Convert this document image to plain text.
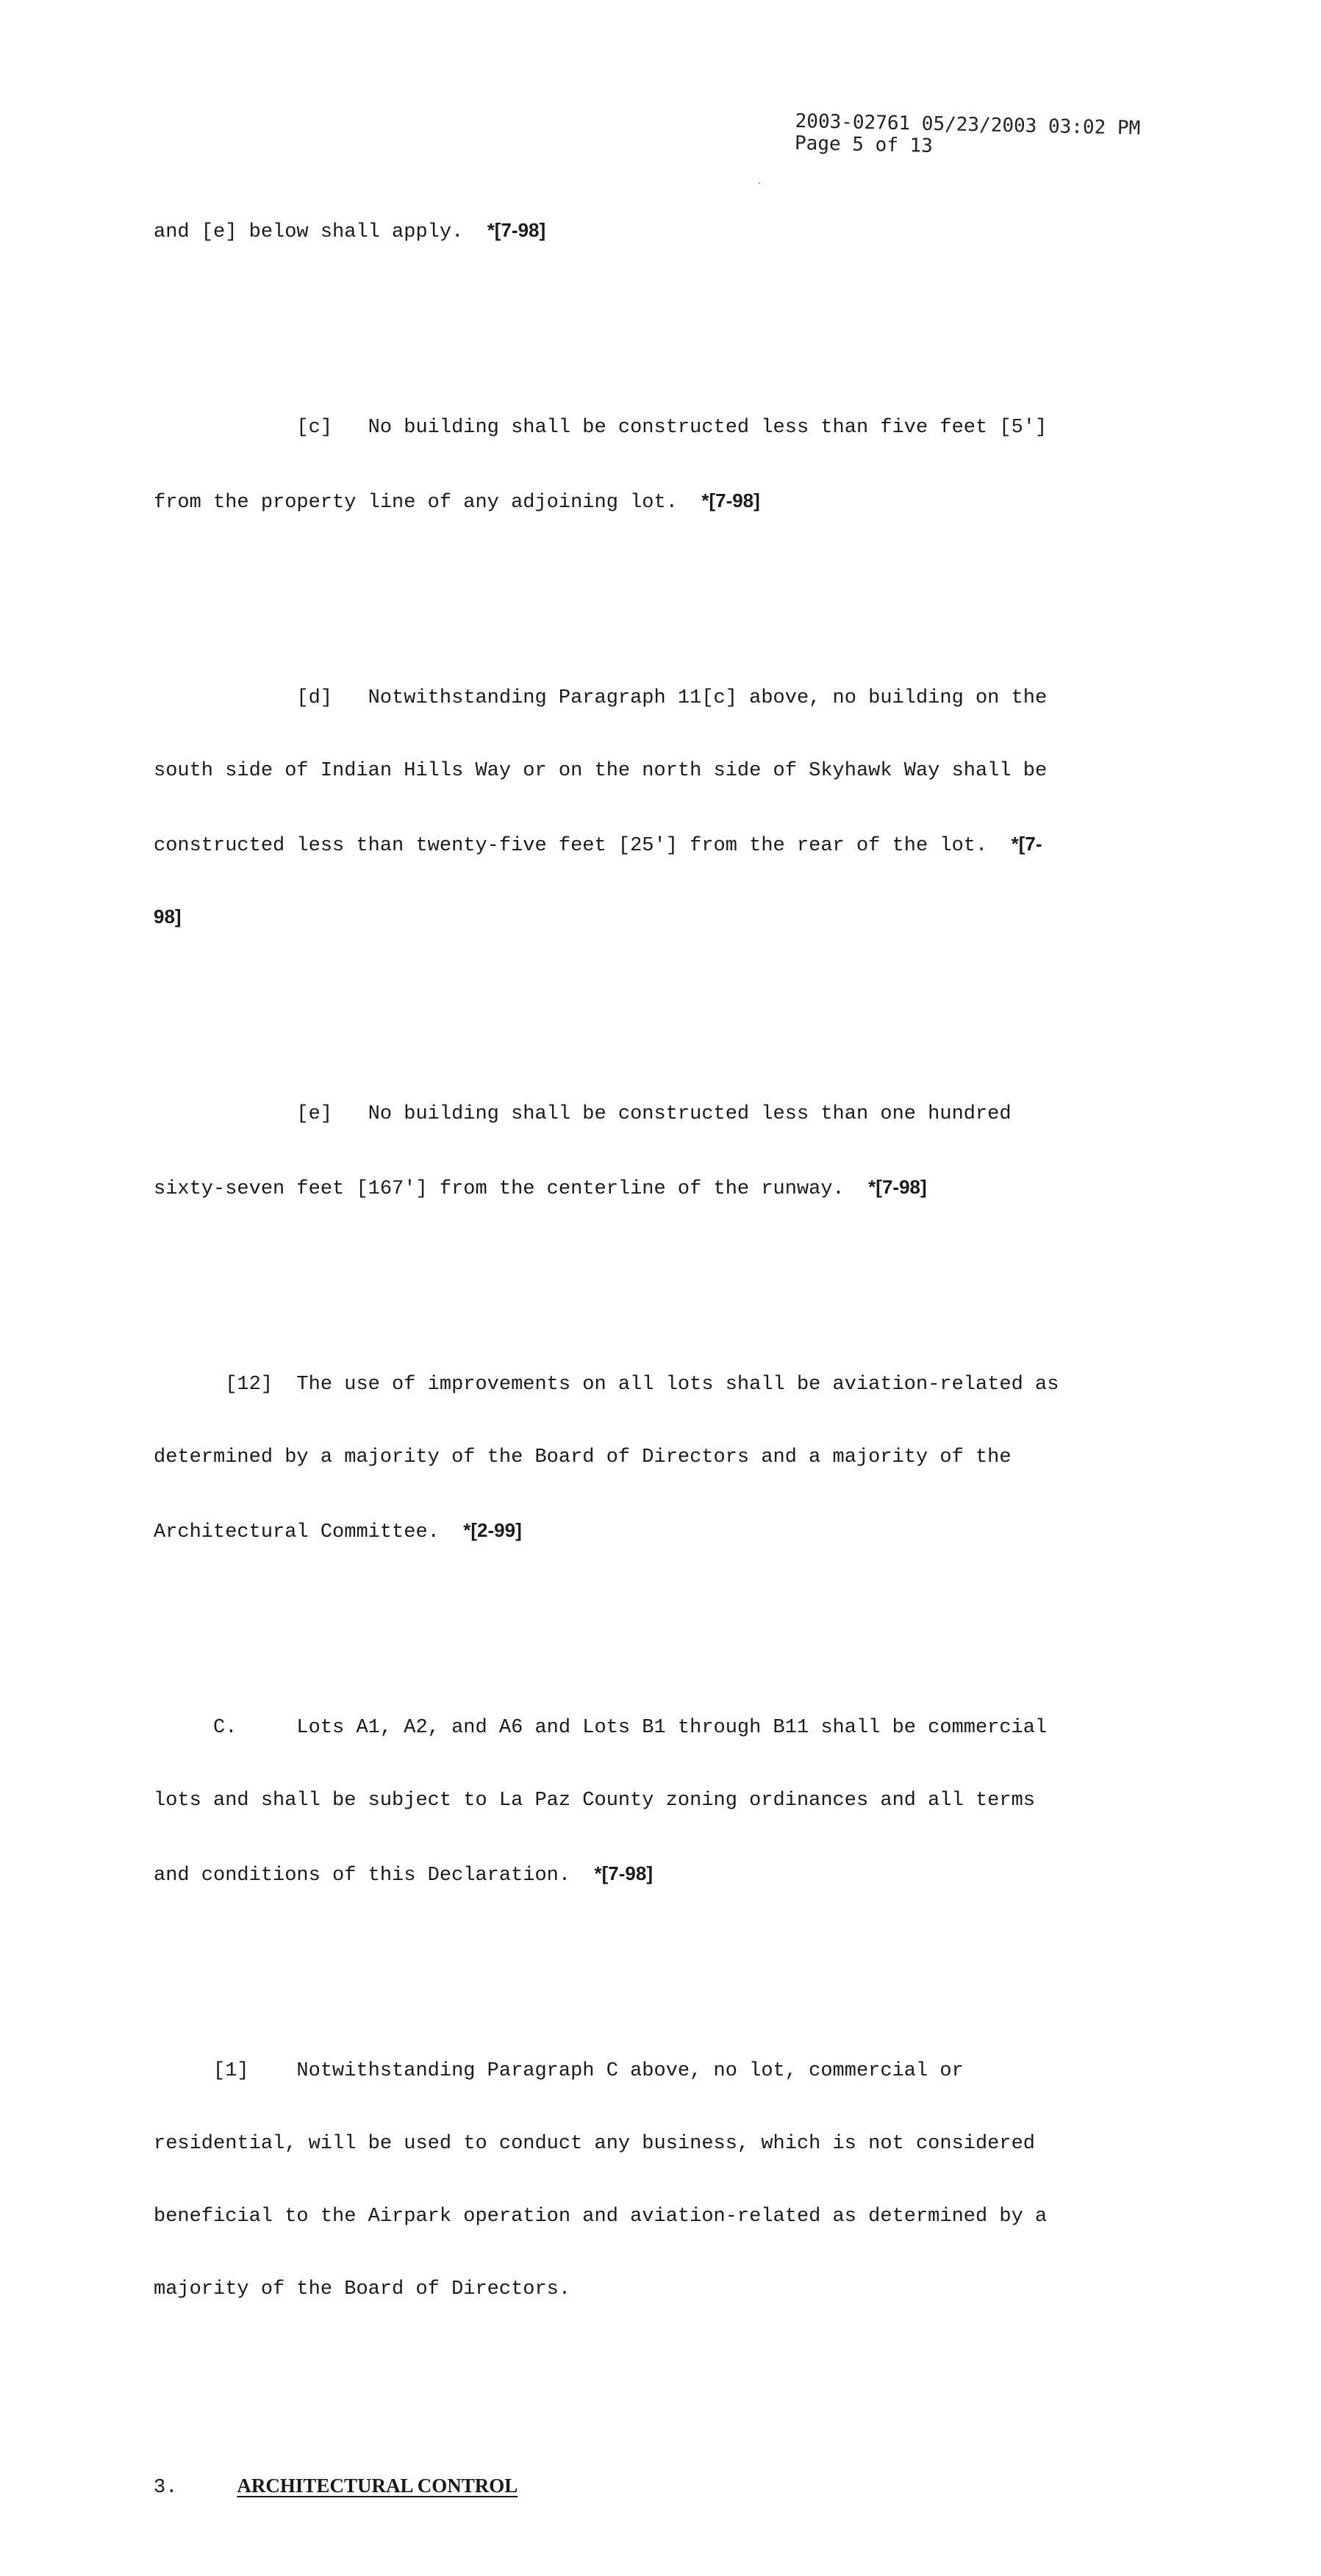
2003-02761 05/23/2003 03:02 PM
Page 5 of 13

and [e] below shall apply.  *[7-98]

[c]   No building shall be constructed less than five feet [5']

from the property line of any adjoining lot.  *[7-98]

[d]   Notwithstanding Paragraph 11[c] above, no building on the

south side of Indian Hills Way or on the north side of Skyhawk Way shall be

constructed less than twenty-five feet [25'] from the rear of the lot.  *[7-

98]

[e]   No building shall be constructed less than one hundred

sixty-seven feet [167'] from the centerline of the runway.  *[7-98]

[12]  The use of improvements on all lots shall be aviation-related as

determined by a majority of the Board of Directors and a majority of the

Architectural Committee.  *[2-99]

C.     Lots A1, A2, and A6 and Lots B1 through B11 shall be commercial

lots and shall be subject to La Paz County zoning ordinances and all terms

and conditions of this Declaration.  *[7-98]

[1]    Notwithstanding Paragraph C above, no lot, commercial or

residential, will be used to conduct any business, which is not considered

beneficial to the Airpark operation and aviation-related as determined by a

majority of the Board of Directors.

3.     ARCHITECTURAL CONTROL
